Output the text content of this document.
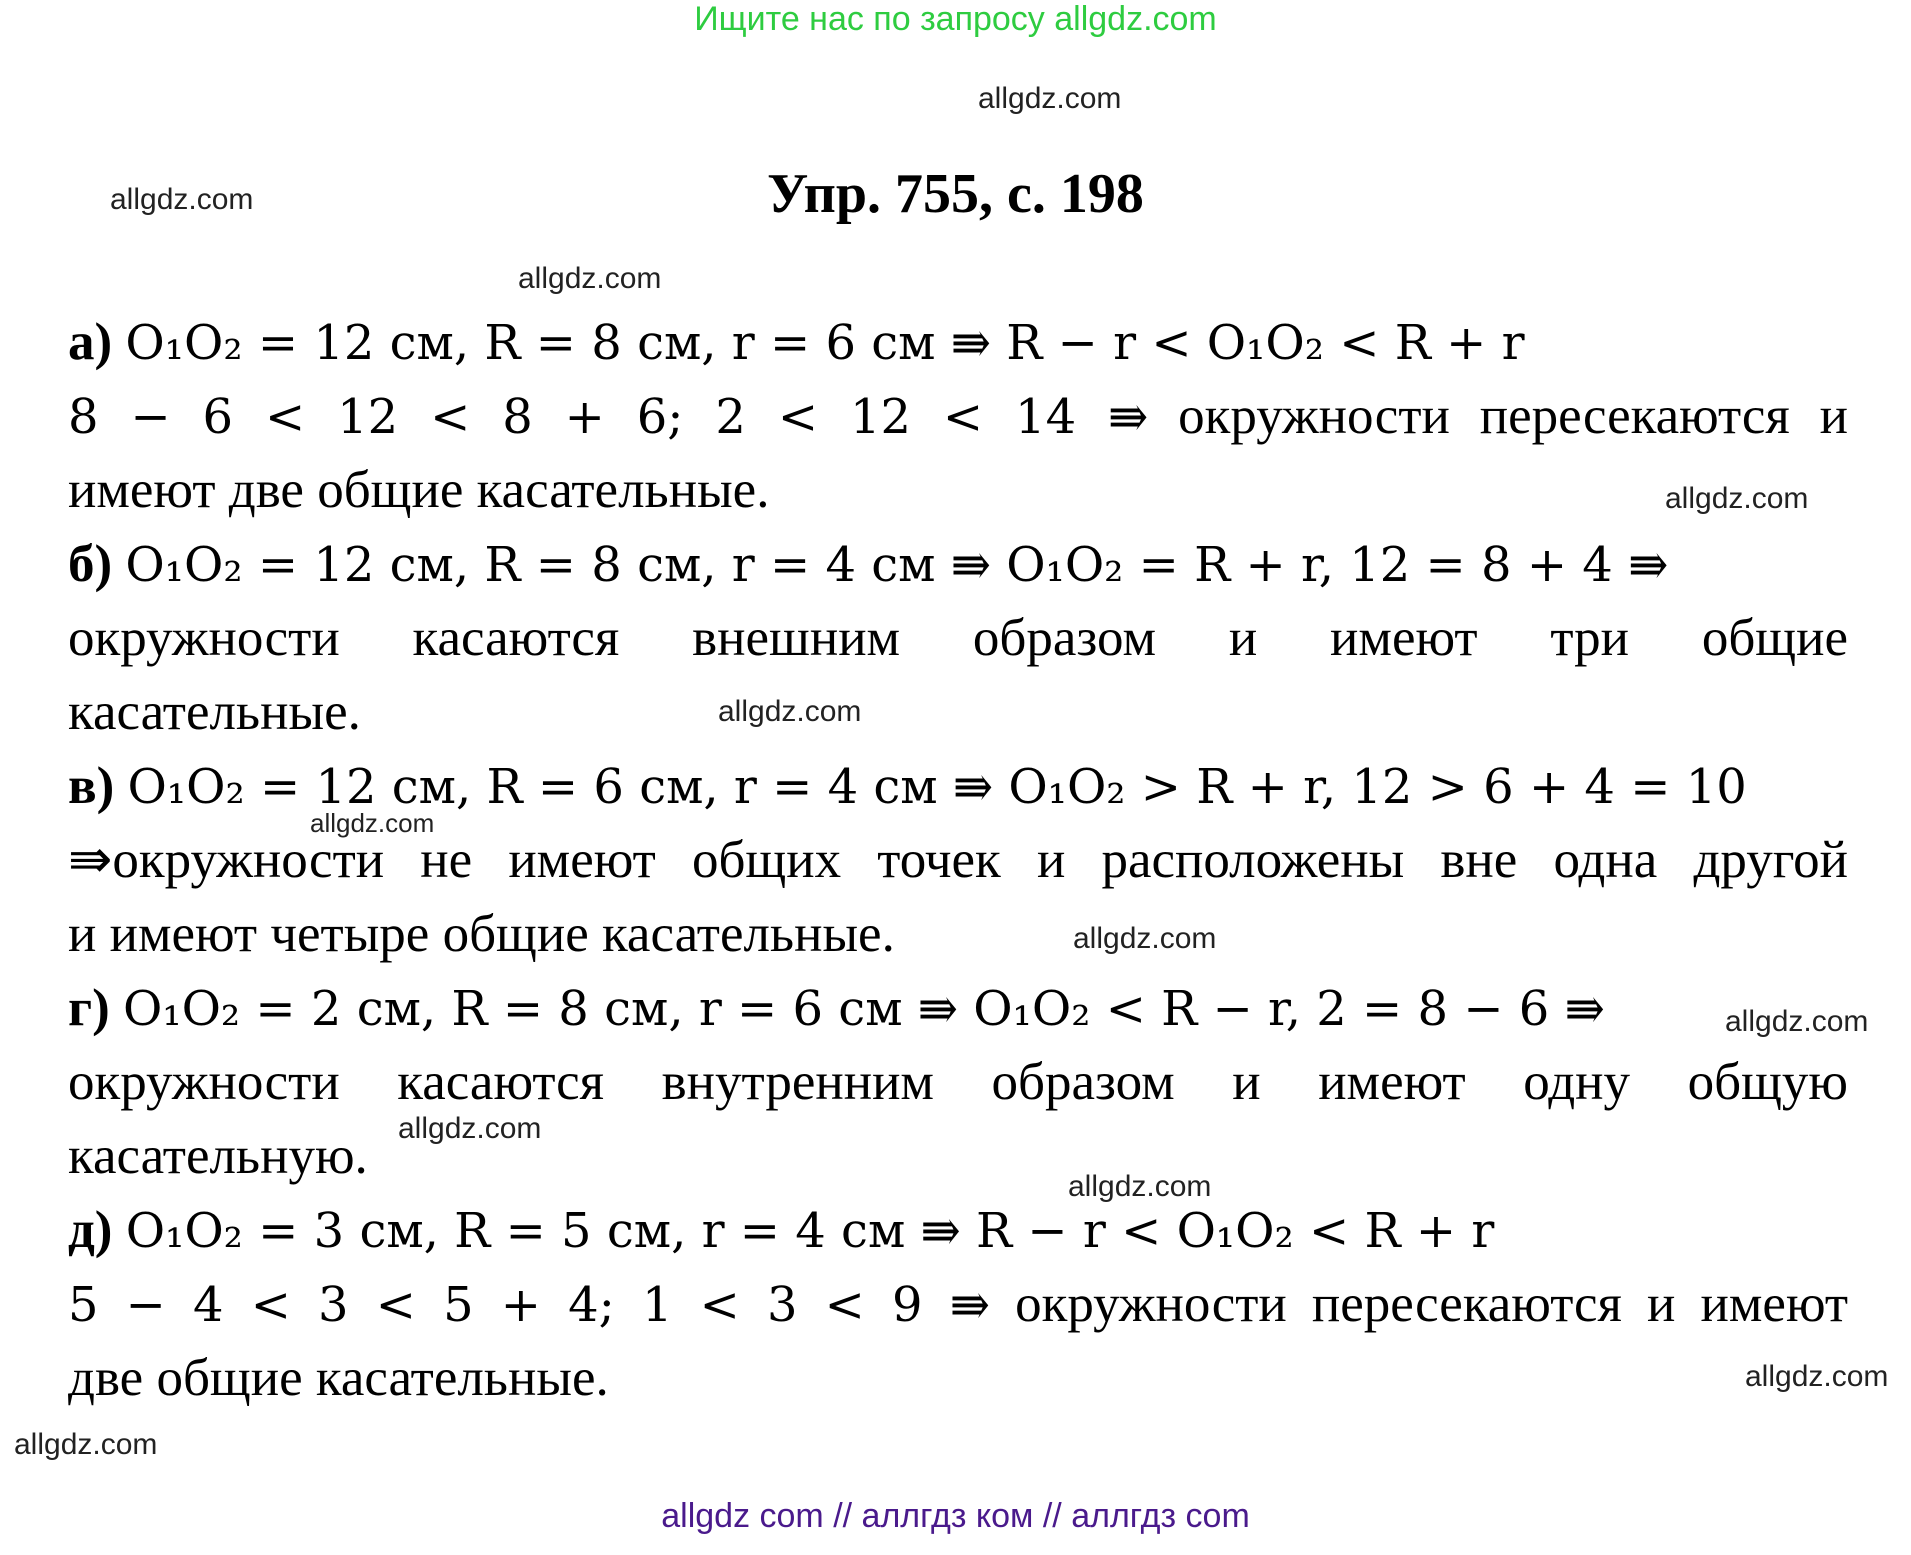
Ищите нас по запросу allgdz.com
allgdz.com
allgdz.com
allgdz.com
Упр. 755, с. 198
а) O₁O₂ = 12 см, R = 8 см, r = 6 см ⇛ R − r < O₁O₂ < R + r
8 − 6 < 12 < 8 + 6; 2 < 12 < 14 ⇛ окружности пересекаются и
имеют две общие касательные.
б) O₁O₂ = 12 см, R = 8 см, r = 4 см ⇛ O₁O₂ = R + r, 12 = 8 + 4 ⇛
окружности касаются внешним образом и имеют три общие
касательные.
в) O₁O₂ = 12 см, R = 6 см, r = 4 см ⇛ O₁O₂ > R + r, 12 > 6 + 4 = 10
⇛окружности не имеют общих точек и расположены вне одна другой
и имеют четыре общие касательные.
г) O₁O₂ = 2 см, R = 8 см, r = 6 см ⇛ O₁O₂ < R − r, 2 = 8 − 6 ⇛
окружности касаются внутренним образом и имеют одну общую
касательную.
д) O₁O₂ = 3 см, R = 5 см, r = 4 см ⇛ R − r < O₁O₂ < R + r
5 − 4 < 3 < 5 + 4; 1 < 3 < 9 ⇛ окружности пересекаются и имеют
две общие касательные.
allgdz.com
allgdz.com
allgdz.com
allgdz.com
allgdz.com
allgdz.com
allgdz.com
allgdz.com
allgdz.com
allgdz com // аллгдз ком // аллгдз com
